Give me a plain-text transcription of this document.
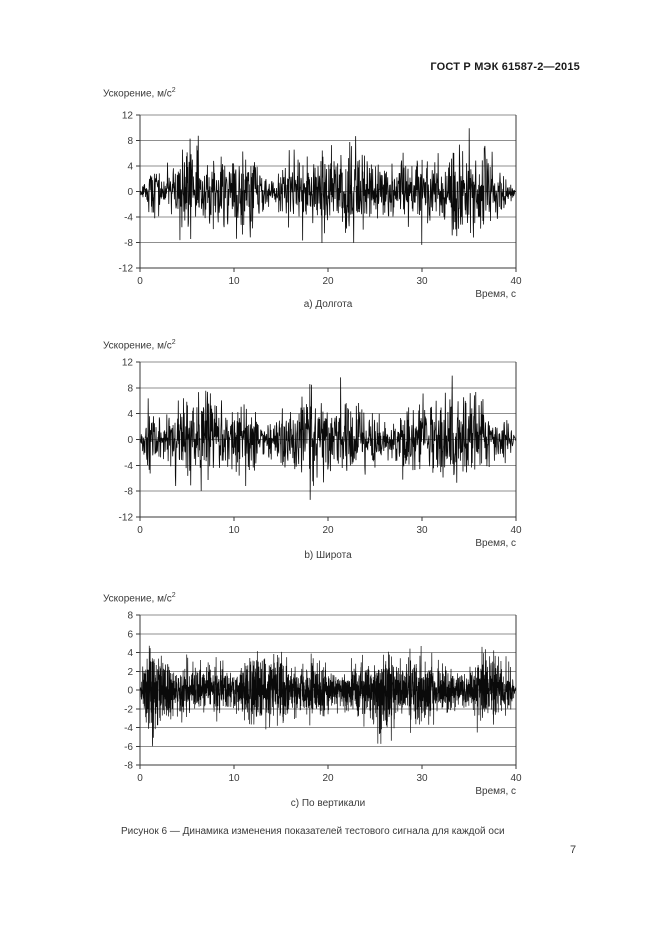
ГОСТ Р МЭК 61587-2—2015
Ускорение, $м/с^2$
12
8
4
0
-4
-8
-12
0	10	20	30	40
Время, с
а) Долгота
Ускорение, $м/с^2$
12
8
4
0
-4
-8
-12
0	10	20	30	40
Время, с
b) Широта
Ускорение, $м/с^2$
8
6
4
2
0
-2
-4
-6
-8
0	10	20	30	40
Время, с
с) По вертикали
Рисунок 6 — Динамика изменения показателей тестового сигнала для каждой оси
7
